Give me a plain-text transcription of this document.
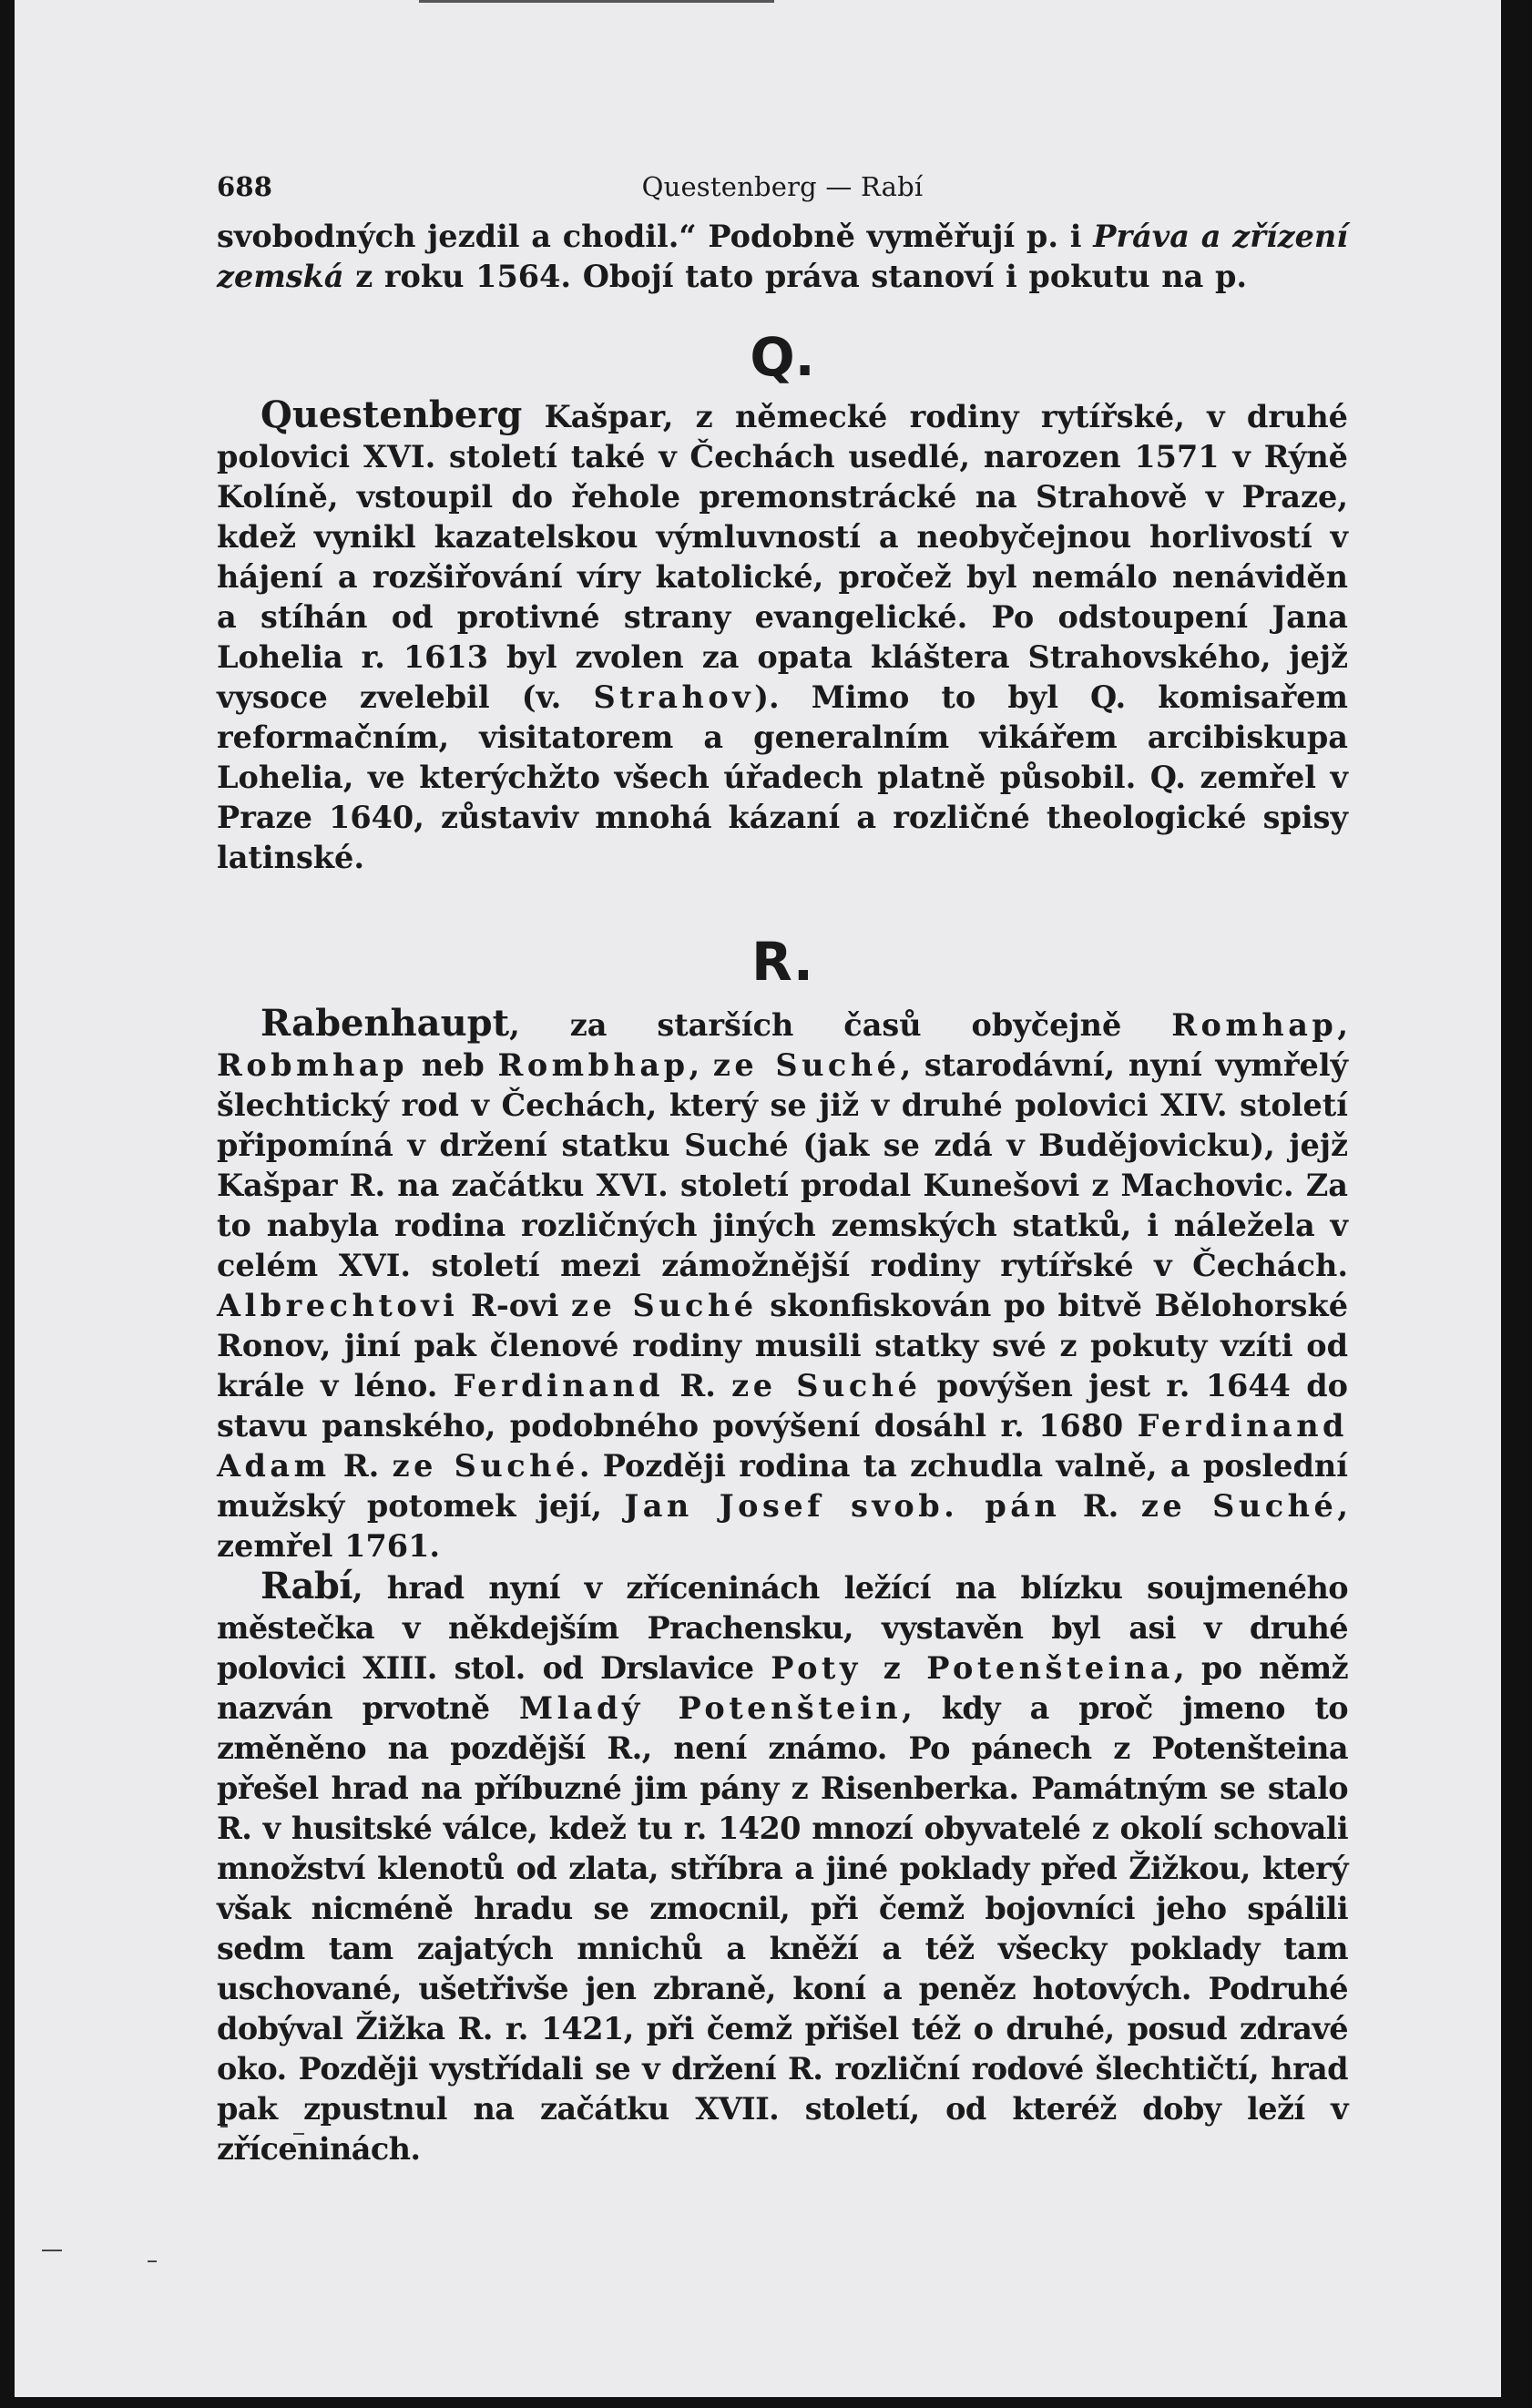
688	Questenberg — Rabí

svobodných jezdil a chodil.“ Podobně vyměřují p. i Práva a zřízení zemská z roku 1564. Obojí tato práva stanoví i pokutu na p.

Q.

Questenberg Kašpar, z německé rodiny rytířské, v druhé polovici XVI. století také v Čechách usedlé, narozen 1571 v Rýně Kolíně, vstoupil do řehole premonstrácké na Strahově v Praze, kdež vynikl kazatelskou výmluvností a neobyčejnou horlivostí v hájení a rozšiřování víry katolické, pročež byl nemálo nenáviděn a stíhán od protivné strany evangelické. Po odstoupení Jana Lohelia r. 1613 byl zvolen za opata kláštera Strahovského, jejž vysoce zvelebil (v. Strahov). Mimo to byl Q. komisařem reformačním, visitatorem a generalním vikářem arcibiskupa Lohelia, ve kterýchžto všech úřadech platně působil. Q. zemřel v Praze 1640, zůstaviv mnohá kázaní a rozličné theologické spisy latinské.

R.

Rabenhaupt, za starších časů obyčejně Romhap, Robmhap neb Rombhap, ze Suché, starodávní, nyní vymřelý šlechtický rod v Čechách, který se již v druhé polovici XIV. století připomíná v držení statku Suché (jak se zdá v Budějovicku), jejž Kašpar R. na začátku XVI. století prodal Kunešovi z Machovic. Za to nabyla rodina rozličných jiných zemských statků, i náležela v celém XVI. století mezi zámožnější rodiny rytířské v Čechách. Albrechtovi R-ovi ze Suché skonfiskován po bitvě Bělohorské Ronov, jiní pak členové rodiny musili statky své z pokuty vzíti od krále v léno. Ferdinand R. ze Suché povýšen jest r. 1644 do stavu panského, podobného povýšení dosáhl r. 1680 Ferdinand Adam R. ze Suché. Později rodina ta zchudla valně, a poslední mužský potomek její, Jan Josef svob. pán R. ze Suché, zemřel 1761.

Rabí, hrad nyní v zříceninách ležící na blízku soujmeného městečka v někdejším Prachensku, vystavěn byl asi v druhé polovici XIII. stol. od Drslavice Poty z Potenšteina, po němž nazván prvotně Mladý Potenštein, kdy a proč jmeno to změněno na pozdější R., není známo. Po pánech z Potenšteina přešel hrad na příbuzné jim pány z Risenberka. Památným se stalo R. v husitské válce, kdež tu r. 1420 mnozí obyvatelé z okolí schovali množství klenotů od zlata, stříbra a jiné poklady před Žižkou, který však nicméně hradu se zmocnil, při čemž bojovníci jeho spálili sedm tam zajatých mnichů a kněží a též všecky poklady tam uschované, ušetřivše jen zbraně, koní a peněz hotových. Podruhé dobýval Žižka R. r. 1421, při čemž přišel též o druhé, posud zdravé oko. Později vystřídali se v držení R. rozliční rodové šlechtičtí, hrad pak zpustnul na začátku XVII. století, od kteréž doby leží v zříceninách.
